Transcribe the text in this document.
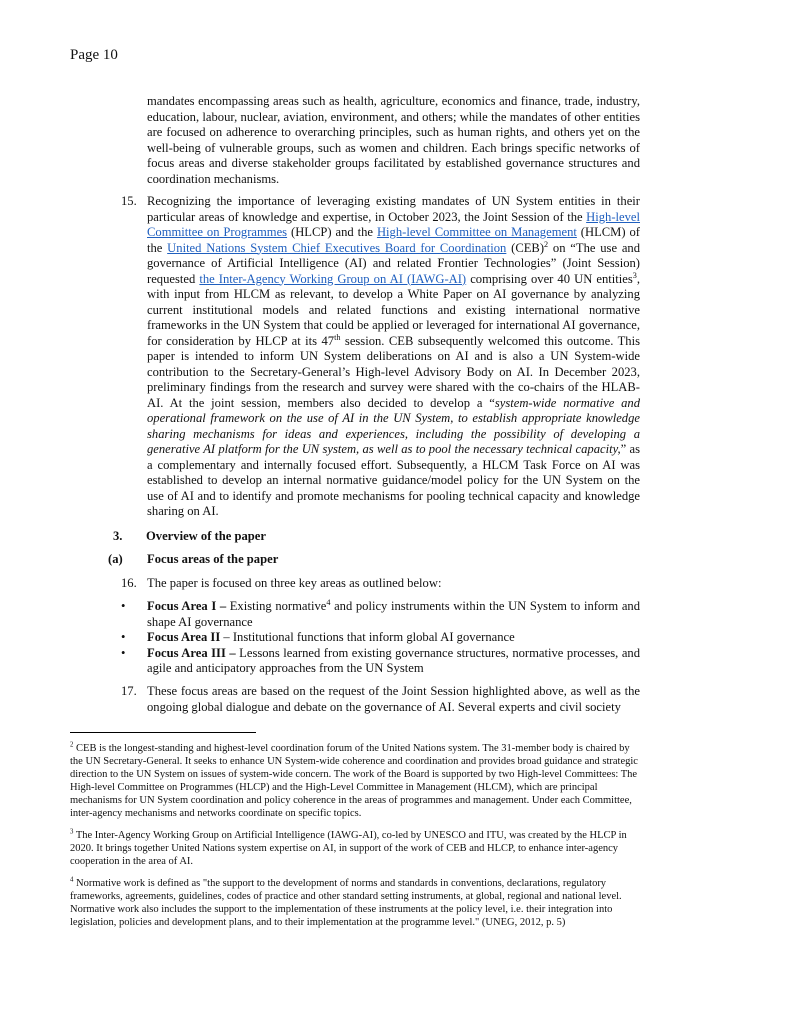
Page 10

mandates encompassing areas such as health, agriculture, economics and finance, trade, industry, education, labour, nuclear, aviation, environment, and others; while the mandates of other entities are focused on adherence to overarching principles, such as human rights, and others yet on the well-being of vulnerable groups, such as women and children. Each brings specific networks of focus areas and diverse stakeholder groups facilitated by established governance structures and coordination mechanisms.

15. Recognizing the importance of leveraging existing mandates of UN System entities in their particular areas of knowledge and expertise, in October 2023, the Joint Session of the High-level Committee on Programmes (HLCP) and the High-level Committee on Management (HLCM) of the United Nations System Chief Executives Board for Coordination (CEB)$^2$ on “The use and governance of Artificial Intelligence (AI) and related Frontier Technologies” (Joint Session) requested the Inter-Agency Working Group on AI (IAWG-AI) comprising over 40 UN entities$^3$, with input from HLCM as relevant, to develop a White Paper on AI governance by analyzing current institutional models and related functions and existing international normative frameworks in the UN System that could be applied or leveraged for international AI governance, for consideration by HLCP at its 47th session. CEB subsequently welcomed this outcome. This paper is intended to inform UN System deliberations on AI and is also a UN System-wide contribution to the Secretary-General’s High-level Advisory Body on AI. In December 2023, preliminary findings from the research and survey were shared with the co-chairs of the HLAB-AI. At the joint session, members also decided to develop a “system-wide normative and operational framework on the use of AI in the UN System, to establish appropriate knowledge sharing mechanisms for ideas and experiences, including the possibility of developing a generative AI platform for the UN system, as well as to pool the necessary technical capacity,” as a complementary and internally focused effort. Subsequently, a HLCM Task Force on AI was established to develop an internal normative guidance/model policy for the UN System on the use of AI and to identify and promote mechanisms for pooling technical capacity and knowledge sharing on AI.
3. Overview of the paper
(a) Focus areas of the paper
16. The paper is focused on three key areas as outlined below:
• Focus Area I – Existing normative$^4$ and policy instruments within the UN System to inform and shape AI governance
• Focus Area II – Institutional functions that inform global AI governance
• Focus Area III – Lessons learned from existing governance structures, normative processes, and agile and anticipatory approaches from the UN System
17. These focus areas are based on the request of the Joint Session highlighted above, as well as the ongoing global dialogue and debate on the governance of AI. Several experts and civil society

$^2$ CEB is the longest-standing and highest-level coordination forum of the United Nations system. The 31-member body is chaired by the UN Secretary-General. It seeks to enhance UN System-wide coherence and coordination and provides broad guidance and strategic direction to the UN System on issues of system-wide concern. The work of the Board is supported by two High-level Committees: The High-level Committee on Programmes (HLCP) and the High-Level Committee in Management (HLCM), which are principal mechanisms for UN System coordination and policy coherence in the areas of programmes and management. Under each Committee, inter-agency mechanisms and networks coordinate on specific topics.

$^3$ The Inter-Agency Working Group on Artificial Intelligence (IAWG-AI), co-led by UNESCO and ITU, was created by the HLCP in 2020. It brings together United Nations system expertise on AI, in support of the work of CEB and HLCP, to enhance inter-agency cooperation in the area of AI.

$^4$ Normative work is defined as "the support to the development of norms and standards in conventions, declarations, regulatory frameworks, agreements, guidelines, codes of practice and other standard setting instruments, at global, regional and national level. Normative work also includes the support to the implementation of these instruments at the policy level, i.e. their integration into legislation, policies and development plans, and to their implementation at the programme level." (UNEG, 2012, p. 5)
